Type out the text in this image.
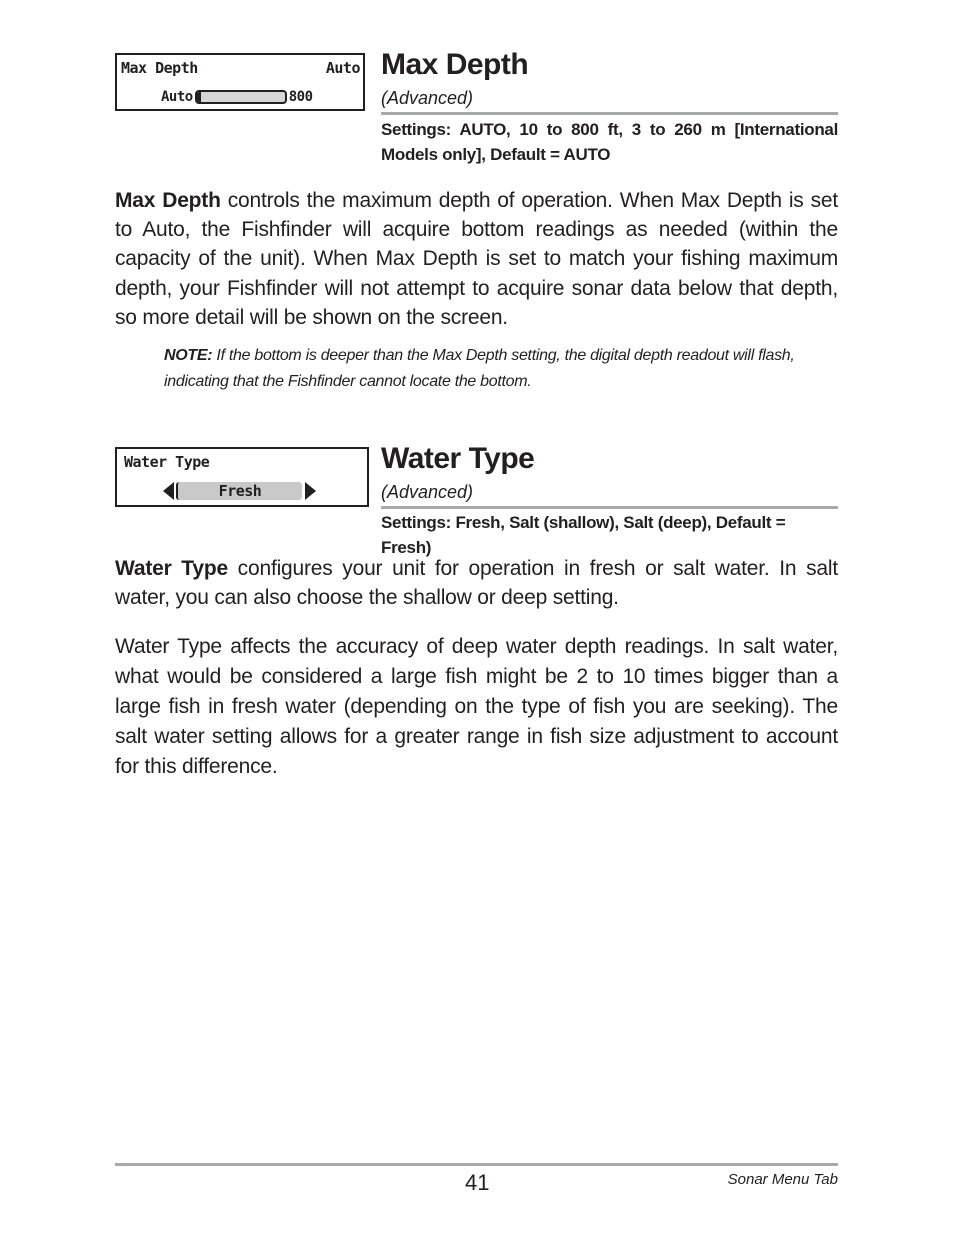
Max Depth	Auto
Auto	800
Max Depth

(Advanced)

Settings: AUTO, 10 to 800 ft, 3 to 260 m [International Models only], Default = AUTO

Max Depth controls the maximum depth of operation. When Max Depth is set to Auto, the Fishfinder will acquire bottom readings as needed (within the capacity of the unit). When Max Depth is set to match your fishing maximum depth, your Fishfinder will not attempt to acquire sonar data below that depth, so more detail will be shown on the screen.

NOTE: If the bottom is deeper than the Max Depth setting, the digital depth readout will flash, indicating that the Fishfinder cannot locate the bottom.

Water Type
Fresh
Water Type

(Advanced)

Settings: Fresh, Salt (shallow), Salt (deep), Default = Fresh)

Water Type configures your unit for operation in fresh or salt water. In salt water, you can also choose the shallow or deep setting.

Water Type affects the accuracy of deep water depth readings. In salt water, what would be considered a large fish might be 2 to 10 times bigger than a large fish in fresh water (depending on the type of fish you are seeking). The salt water setting allows for a greater range in fish size adjustment to account for this difference.

41	Sonar Menu Tab
